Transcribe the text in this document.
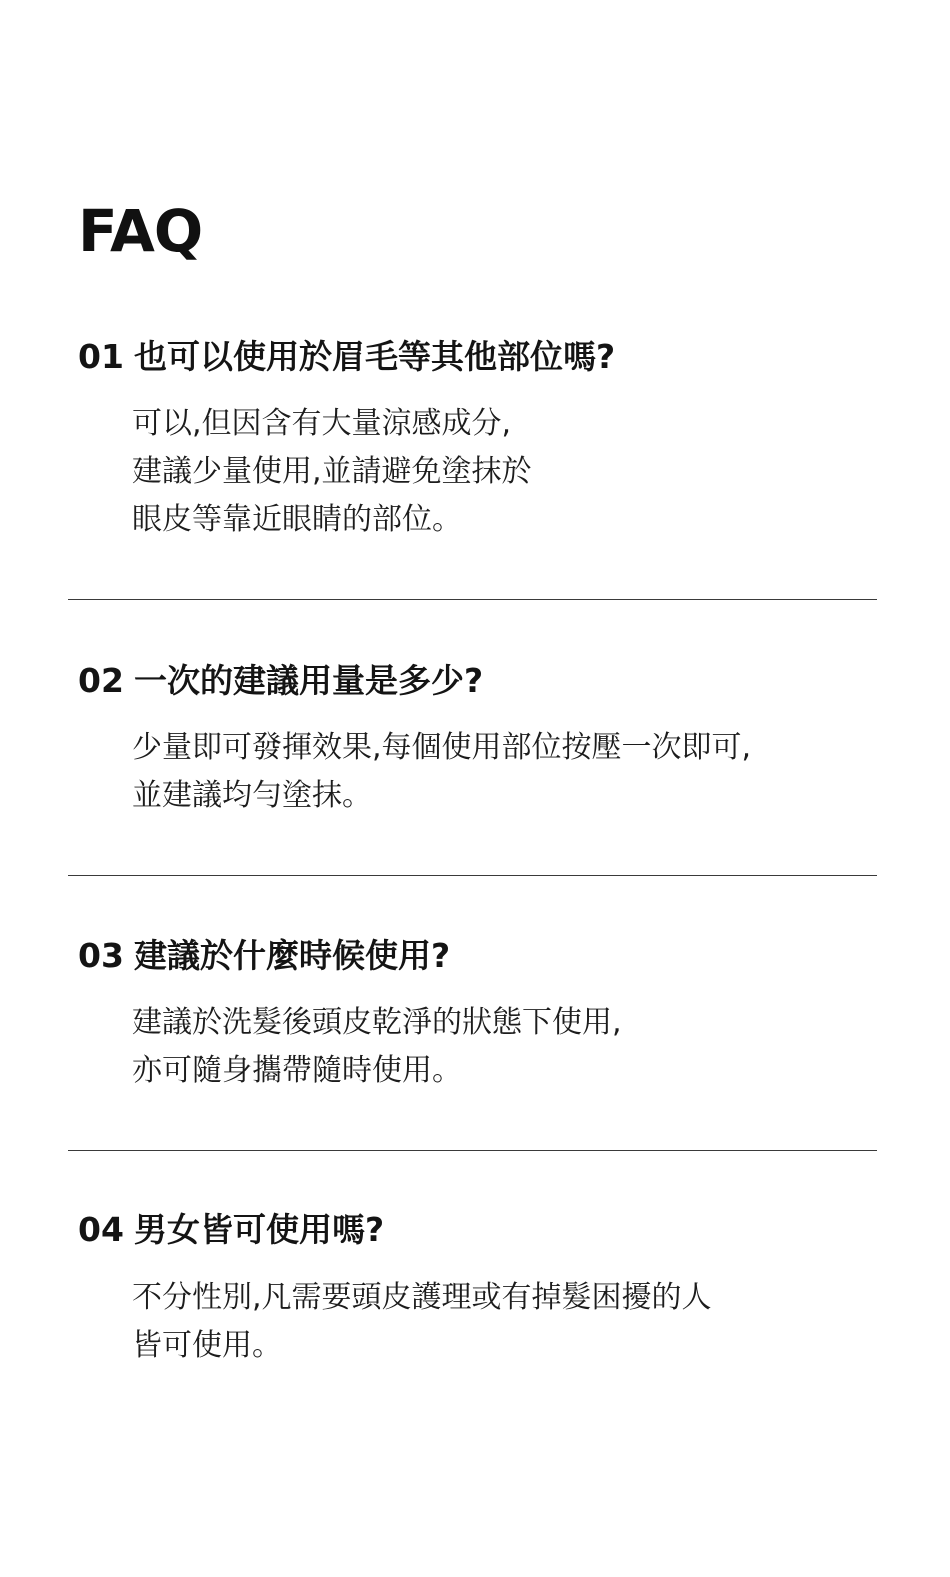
FAQ
01 也可以使用於眉毛等其他部位嗎?

可以,但因含有大量涼感成分,
建議少量使用,並請避免塗抹於
眼皮等靠近眼睛的部位。

02 一次的建議用量是多少?

少量即可發揮效果,每個使用部位按壓一次即可,
並建議均勻塗抹。

03 建議於什麼時候使用?

建議於洗髮後頭皮乾淨的狀態下使用,
亦可隨身攜帶隨時使用。

04 男女皆可使用嗎?

不分性別,凡需要頭皮護理或有掉髮困擾的人
皆可使用。
